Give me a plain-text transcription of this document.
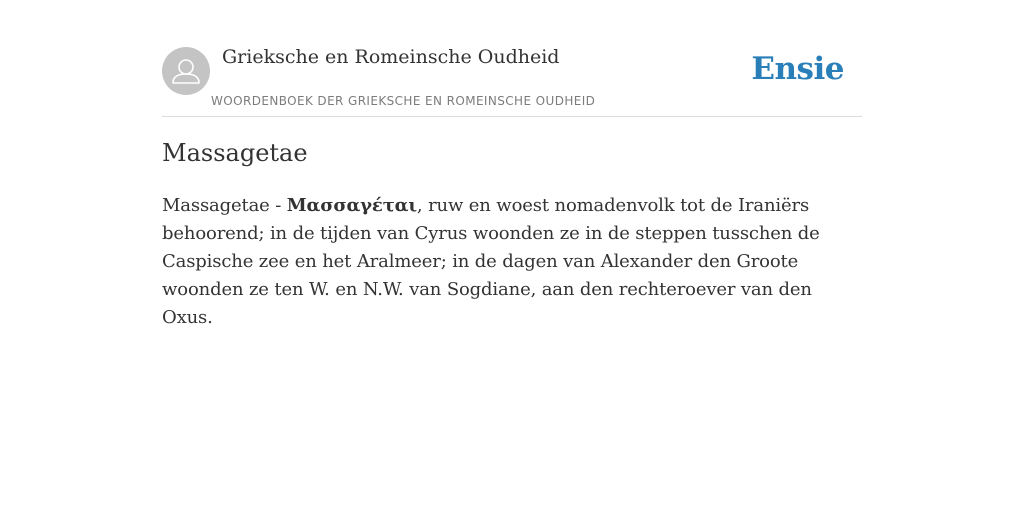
Grieksche en Romeinsche Oudheid
WOORDENBOEK DER GRIEKSCHE EN ROMEINSCHE OUDHEID
Ensie
Massagetae

Massagetae - Μασσαγέται, ruw en woest nomadenvolk tot de Iraniërs behoorend; in de tijden van Cyrus woonden ze in de steppen tusschen de Caspische zee en het Aralmeer; in de dagen van Alexander den Groote woonden ze ten W. en N.W. van Sogdiane, aan den rechteroever van den Oxus.
